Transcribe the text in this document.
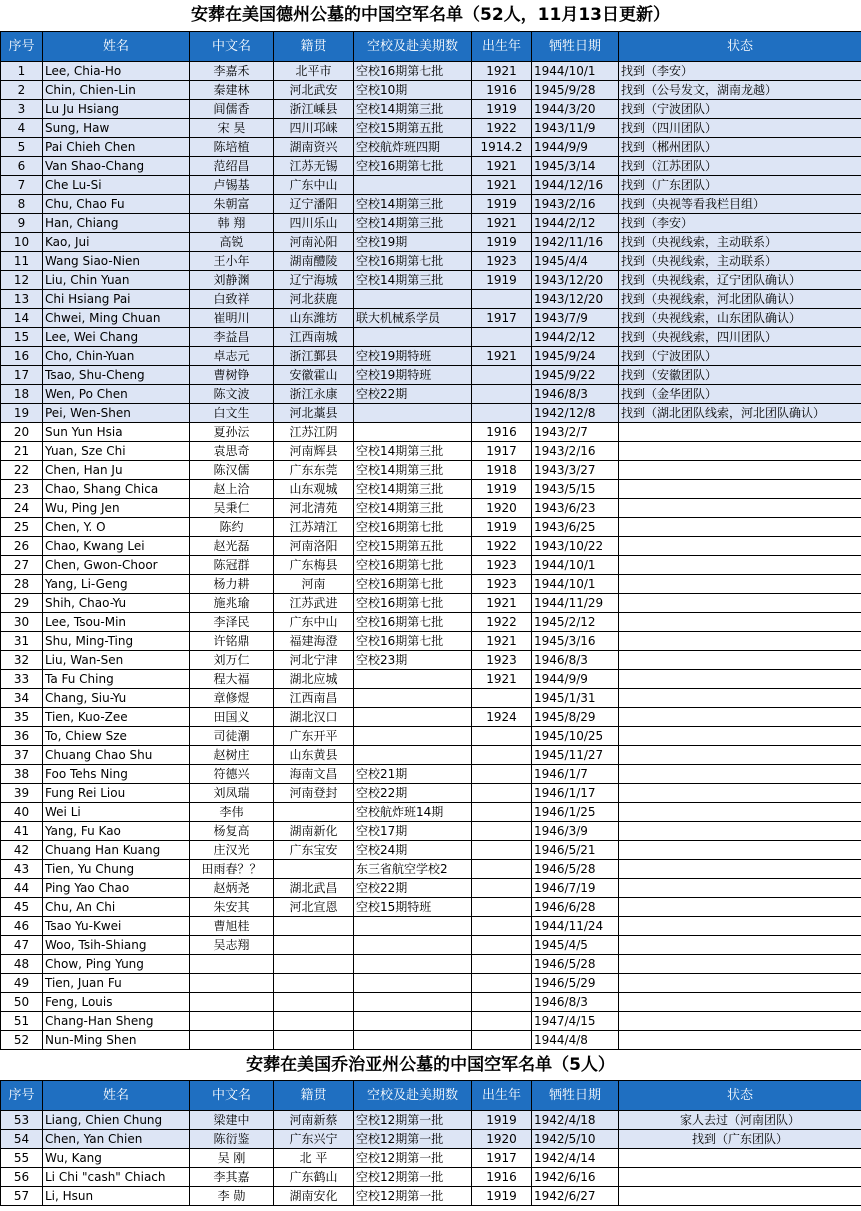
安葬在美国德州公墓的中国空军名单（52人，11月13日更新）
序号	姓名	中文名	籍贯	空校及赴美期数	出生年	牺牲日期	状态
1	Lee, Chia-Ho	李嘉禾	北平市	空校16期第七批	1921	1944/10/1	找到（李安）
2	Chin, Chien-Lin	秦建林	河北武安	空校10期	1916	1945/9/28	找到（公号发文，湖南龙越）
3	Lu Ju Hsiang	闾儒香	浙江嵊县	空校14期第三批	1919	1944/3/20	找到（宁波团队）
4	Sung, Haw	宋 昊	四川邛崃	空校15期第五批	1922	1943/11/9	找到（四川团队）
5	Pai Chieh Chen	陈培植	湖南资兴	空校航炸班四期	1914.2	1944/9/9	找到（郴州团队）
6	Van Shao-Chang	范绍昌	江苏无锡	空校16期第七批	1921	1945/3/14	找到（江苏团队）
7	Che Lu-Si	卢锡基	广东中山		1921	1944/12/16	找到（广东团队）
8	Chu, Chao Fu	朱朝富	辽宁潘阳	空校14期第三批	1919	1943/2/16	找到（央视等看我栏目组）
9	Han, Chiang	韩 翔	四川乐山	空校14期第三批	1921	1944/2/12	找到（李安）
10	Kao, Jui	高锐	河南沁阳	空校19期	1919	1942/11/16	找到（央视线索，主动联系）
11	Wang Siao-Nien	王小年	湖南醴陵	空校16期第七批	1923	1945/4/4	找到（央视线索，主动联系）
12	Liu, Chin Yuan	刘静渊	辽宁海城	空校14期第三批	1919	1943/12/20	找到（央视线索，辽宁团队确认）
13	Chi Hsiang Pai	白致祥	河北获鹿			1943/12/20	找到（央视线索，河北团队确认）
14	Chwei, Ming Chuan	崔明川	山东潍坊	联大机械系学员	1917	1943/7/9	找到（央视线索，山东团队确认）
15	Lee, Wei Chang	李益昌	江西南城			1944/2/12	找到（央视线索，四川团队）
16	Cho, Chin-Yuan	卓志元	浙江鄞县	空校19期特班	1921	1945/9/24	找到（宁波团队）
17	Tsao, Shu-Cheng	曹树铮	安徽霍山	空校19期特班		1945/9/22	找到（安徽团队）
18	Wen, Po Chen	陈文波	浙江永康	空校22期		1946/8/3	找到（金华团队）
19	Pei, Wen-Shen	白文生	河北藁县			1942/12/8	找到（湖北团队线索，河北团队确认）
20	Sun Yun Hsia	夏孙沄	江苏江阴		1916	1943/2/7	
21	Yuan, Sze Chi	袁思奇	河南辉县	空校14期第三批	1917	1943/2/16	
22	Chen, Han Ju	陈汉儒	广东东莞	空校14期第三批	1918	1943/3/27	
23	Chao, Shang Chica	赵上洽	山东观城	空校14期第三批	1919	1943/5/15	
24	Wu, Ping Jen	吴秉仁	河北清苑	空校14期第三批	1920	1943/6/23	
25	Chen, Y. O	陈约	江苏靖江	空校16期第七批	1919	1943/6/25	
26	Chao, Kwang Lei	赵光磊	河南洛阳	空校15期第五批	1922	1943/10/22	
27	Chen, Gwon-Choor	陈冠群	广东梅县	空校16期第七批	1923	1944/10/1	
28	Yang, Li-Geng	杨力耕	河南	空校16期第七批	1923	1944/10/1	
29	Shih, Chao-Yu	施兆瑜	江苏武进	空校16期第七批	1921	1944/11/29	
30	Lee, Tsou-Min	李泽民	广东中山	空校16期第七批	1922	1945/2/12	
31	Shu, Ming-Ting	许铭鼎	福建海澄	空校16期第七批	1921	1945/3/16	
32	Liu, Wan-Sen	刘万仁	河北宁津	空校23期	1923	1946/8/3	
33	Ta Fu Ching	程大福	湖北应城		1921	1944/9/9	
34	Chang, Siu-Yu	章修煜	江西南昌			1945/1/31	
35	Tien, Kuo-Zee	田国义	湖北汉口		1924	1945/8/29	
36	To, Chiew Sze	司徒潮	广东开平			1945/10/25	
37	Chuang Chao Shu	赵树庄	山东黄县			1945/11/27	
38	Foo Tehs Ning	符德兴	海南文昌	空校21期		1946/1/7	
39	Fung Rei Liou	刘凤瑞	河南登封	空校22期		1946/1/17	
40	Wei Li	李伟		空校航炸班14期		1946/1/25	
41	Yang, Fu Kao	杨复高	湖南新化	空校17期		1946/3/9	
42	Chuang Han Kuang	庄汉光	广东宝安	空校24期		1946/5/21	
43	Tien, Yu Chung	田雨春？？		东三省航空学校2		1946/5/28	
44	Ping Yao Chao	赵炳尧	湖北武昌	空校22期		1946/7/19	
45	Chu, An Chi	朱安其	河北宣恩	空校15期特班		1946/6/28	
46	Tsao Yu-Kwei	曹旭桂				1944/11/24	
47	Woo, Tsih-Shiang	吴志翔				1945/4/5	
48	Chow, Ping Yung					1946/5/28	
49	Tien, Juan Fu					1946/5/29	
50	Feng, Louis					1946/8/3	
51	Chang-Han Sheng					1947/4/15	
52	Nun-Ming Shen					1944/4/8	
安葬在美国乔治亚州公墓的中国空军名单（5人）
序号	姓名	中文名	籍贯	空校及赴美期数	出生年	牺牲日期	状态
53	Liang, Chien Chung	梁建中	河南新蔡	空校12期第一批	1919	1942/4/18	家人去过（河南团队）
54	Chen, Yan Chien	陈衍鉴	广东兴宁	空校12期第一批	1920	1942/5/10	找到（广东团队）
55	Wu, Kang	吴 刚	北 平	空校12期第一批	1917	1942/4/14	
56	Li Chi "cash" Chiach	李其嘉	广东鹤山	空校12期第一批	1916	1942/6/16	
57	Li, Hsun	李 勋	湖南安化	空校12期第一批	1919	1942/6/27	
